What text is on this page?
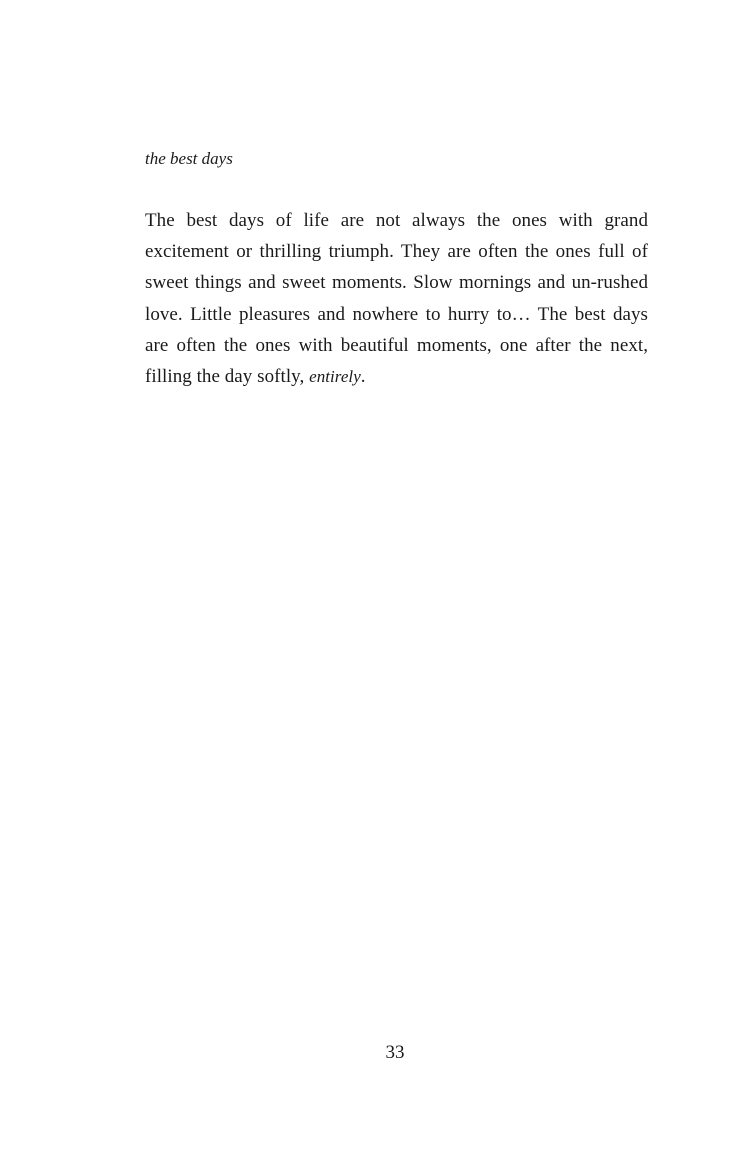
the best days

The best days of life are not always the ones with grand excitement or thrilling triumph. They are often the ones full of sweet things and sweet moments. Slow mornings and un-rushed love. Little pleasures and nowhere to hurry to… The best days are often the ones with beautiful moments, one after the next, filling the day softly, entirely.

33
